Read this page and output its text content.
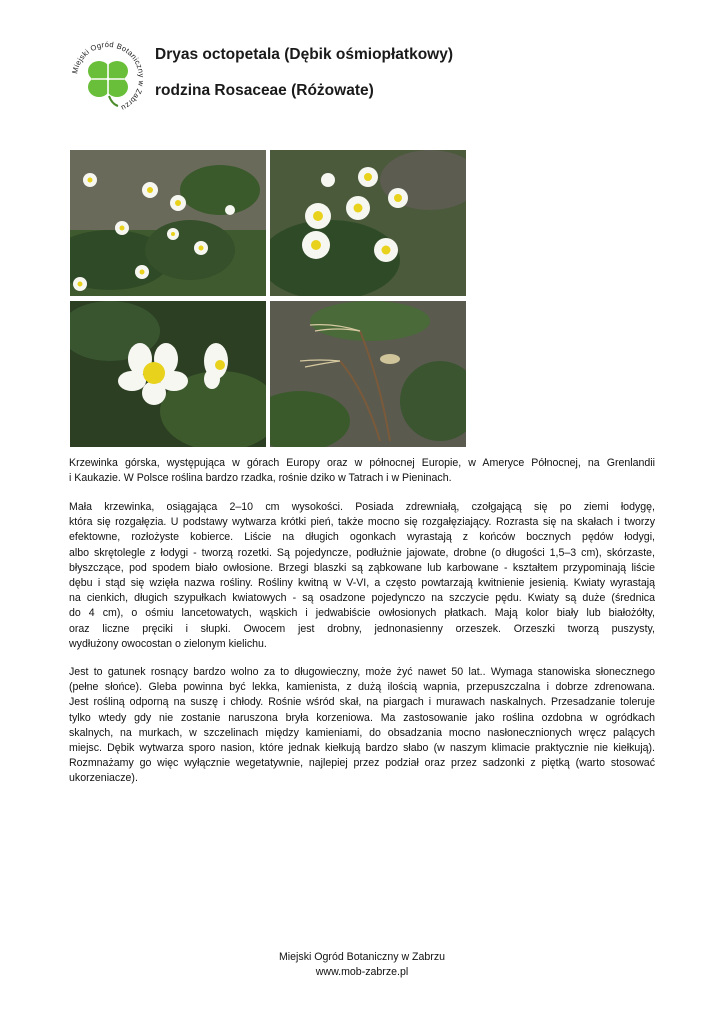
Miejski Ogród Botaniczny w Zabrzu
Dryas octopetala (Dębik ośmiopłatkowy)
rodzina Rosaceae (Różowate)
Krzewinka górska, występująca w górach Europy oraz w północnej Europie, w Ameryce Północnej, na Grenlandii
i Kaukazie. W Polsce roślina bardzo rzadka, rośnie dziko w Tatrach i w Pieninach.
Mała krzewinka, osiągająca 2–10 cm wysokości. Posiada zdrewniałą, czołgającą się po ziemi łodygę,
która się rozgałęzia. U podstawy wytwarza krótki pień, także mocno się rozgałęziający. Rozrasta się na skałach i tworzy
efektowne, rozłożyste kobierce. Liście na długich ogonkach wyrastają z końców bocznych pędów łodygi,
albo skrętolegle z łodygi - tworzą rozetki. Są pojedyncze, podłużnie jajowate, drobne (o długości 1,5–3 cm), skórzaste,
błyszczące, pod spodem biało owłosione. Brzegi blaszki są ząbkowane lub karbowane - kształtem przypominają liście
dębu i stąd się wzięła nazwa rośliny. Rośliny kwitną w V-VI, a często powtarzają kwitnienie jesienią. Kwiaty wyrastają
na cienkich, długich szypułkach kwiatowych - są osadzone pojedynczo na szczycie pędu. Kwiaty są duże (średnica
do 4 cm), o ośmiu lancetowatych, wąskich i jedwabiście owłosionych płatkach. Mają kolor biały lub białożółty,
oraz liczne pręciki i słupki. Owocem jest drobny, jednonasienny orzeszek. Orzeszki tworzą puszysty,
wydłużony owocostan o zielonym kielichu.
Jest to gatunek rosnący bardzo wolno za to długowieczny, może żyć nawet 50 lat.. Wymaga stanowiska słonecznego
(pełne słońce). Gleba powinna być lekka, kamienista, z dużą ilością wapnia, przepuszczalna i dobrze zdrenowana.
Jest rośliną odporną na suszę i chłody. Rośnie wśród skał, na piargach i murawach naskalnych. Przesadzanie toleruje
tylko wtedy gdy nie zostanie naruszona bryła korzeniowa. Ma zastosowanie jako roślina ozdobna w ogródkach
skalnych, na murkach, w szczelinach między kamieniami, do obsadzania mocno nasłonecznionych wręcz palących
miejsc. Dębik wytwarza sporo nasion, które jednak kiełkują bardzo słabo (w naszym klimacie praktycznie nie kiełkują).
Rozmnażamy go więc wyłącznie wegetatywnie, najlepiej przez podział oraz przez sadzonki z piętką (warto stosować
ukorzeniacze).
Miejski Ogród Botaniczny w Zabrzu
www.mob-zabrze.pl
